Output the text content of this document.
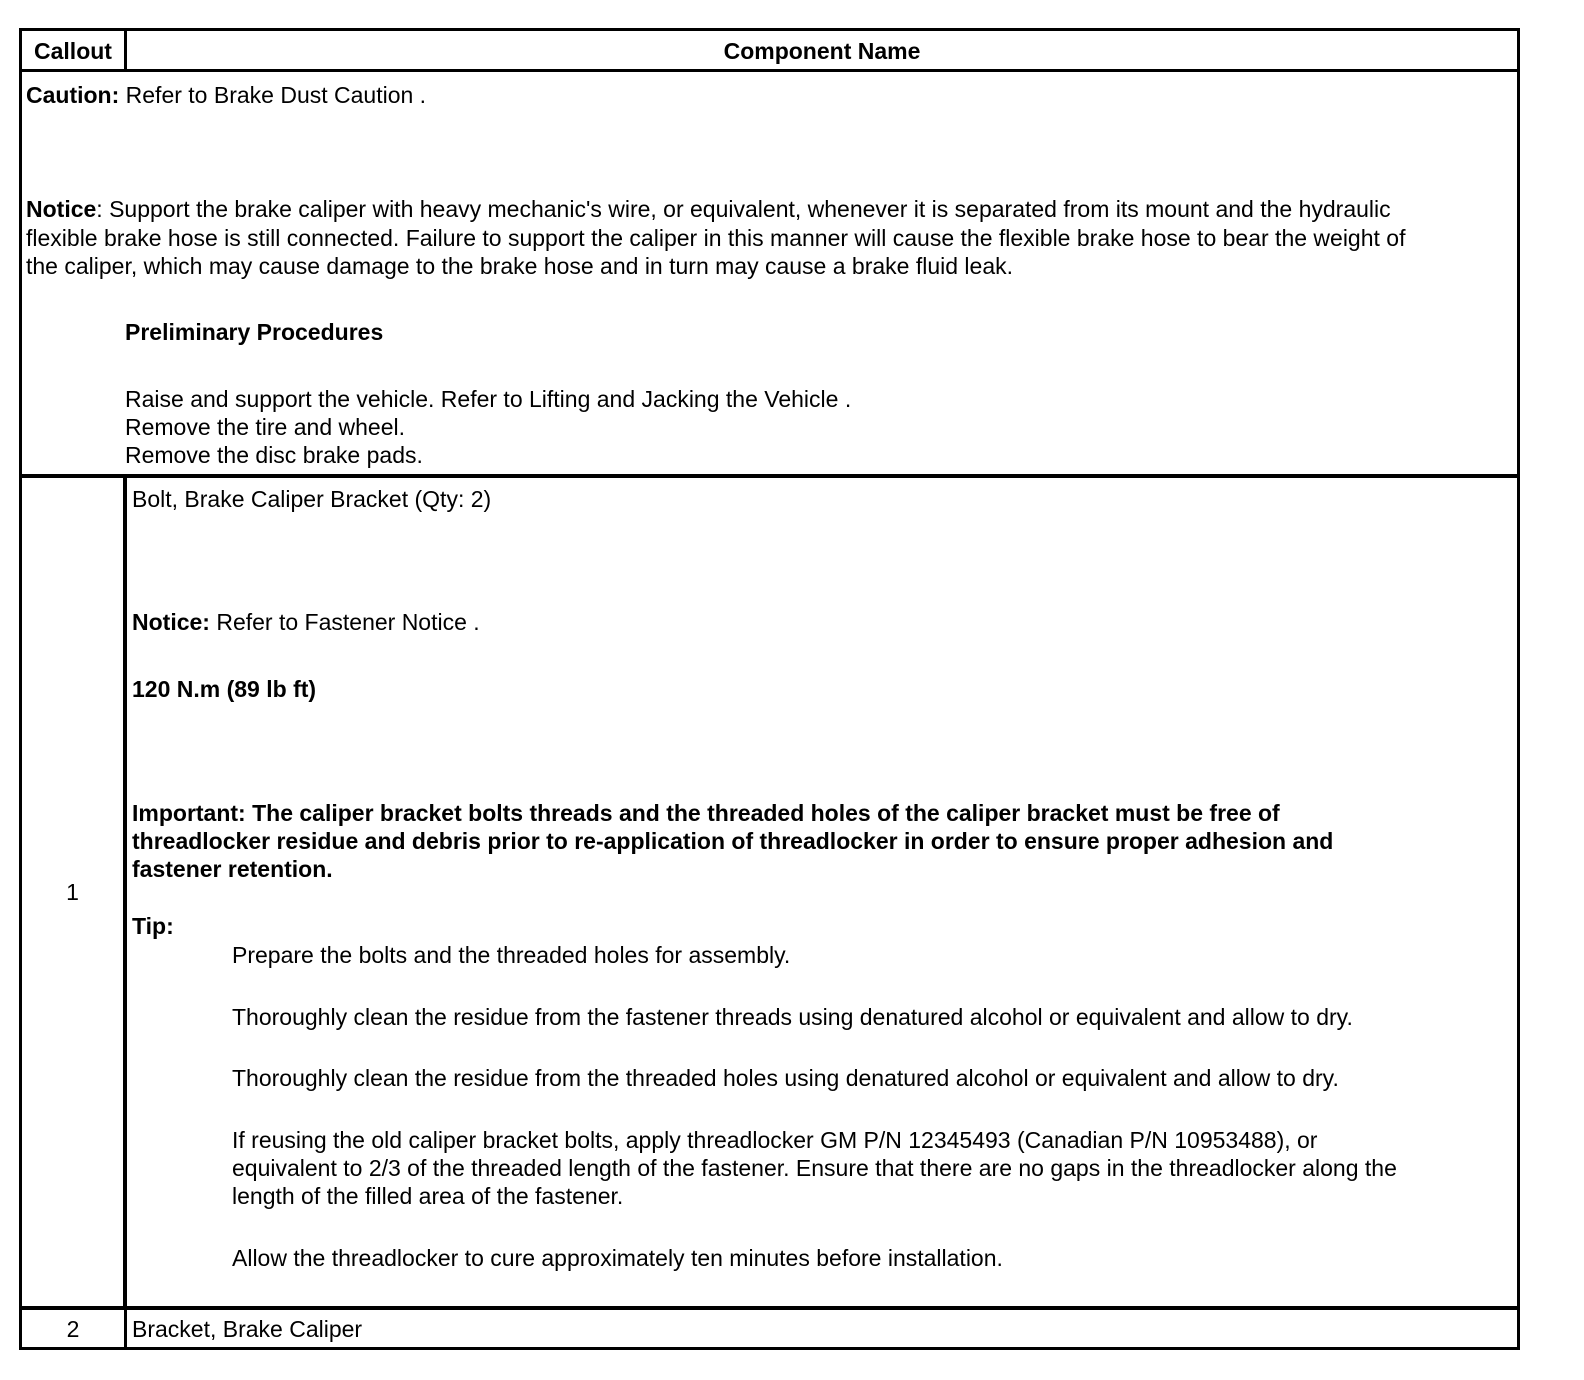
Callout	Component Name
Caution: Refer to Brake Dust Caution .
Notice: Support the brake caliper with heavy mechanic's wire, or equivalent, whenever it is separated from its mount and the hydraulic
flexible brake hose is still connected. Failure to support the caliper in this manner will cause the flexible brake hose to bear the weight of
the caliper, which may cause damage to the brake hose and in turn may cause a brake fluid leak.
Preliminary Procedures
Raise and support the vehicle. Refer to Lifting and Jacking the Vehicle .
Remove the tire and wheel.
Remove the disc brake pads.
1
Bolt, Brake Caliper Bracket (Qty: 2)
Notice: Refer to Fastener Notice .
120 N.m (89 lb ft)
Important: The caliper bracket bolts threads and the threaded holes of the caliper bracket must be free of
threadlocker residue and debris prior to re-application of threadlocker in order to ensure proper adhesion and
fastener retention.
Tip:
Prepare the bolts and the threaded holes for assembly.
Thoroughly clean the residue from the fastener threads using denatured alcohol or equivalent and allow to dry.
Thoroughly clean the residue from the threaded holes using denatured alcohol or equivalent and allow to dry.
If reusing the old caliper bracket bolts, apply threadlocker GM P/N 12345493 (Canadian P/N 10953488), or
equivalent to 2/3 of the threaded length of the fastener. Ensure that there are no gaps in the threadlocker along the
length of the filled area of the fastener.
Allow the threadlocker to cure approximately ten minutes before installation.
2	Bracket, Brake Caliper
